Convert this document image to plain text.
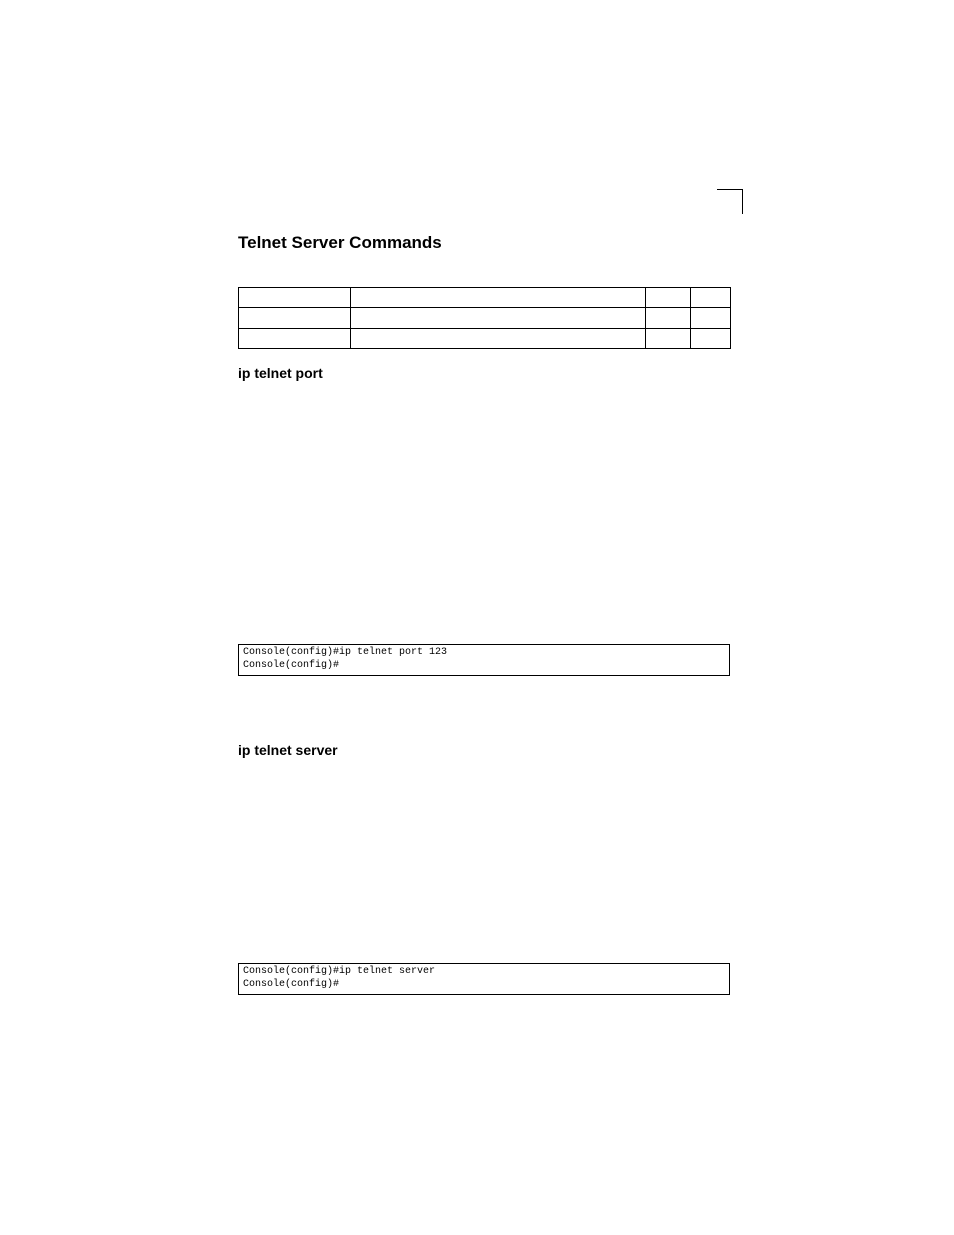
Telnet Server Commands

ip telnet port
Console(config)#ip telnet port 123
Console(config)#
ip telnet server
Console(config)#ip telnet server
Console(config)#
